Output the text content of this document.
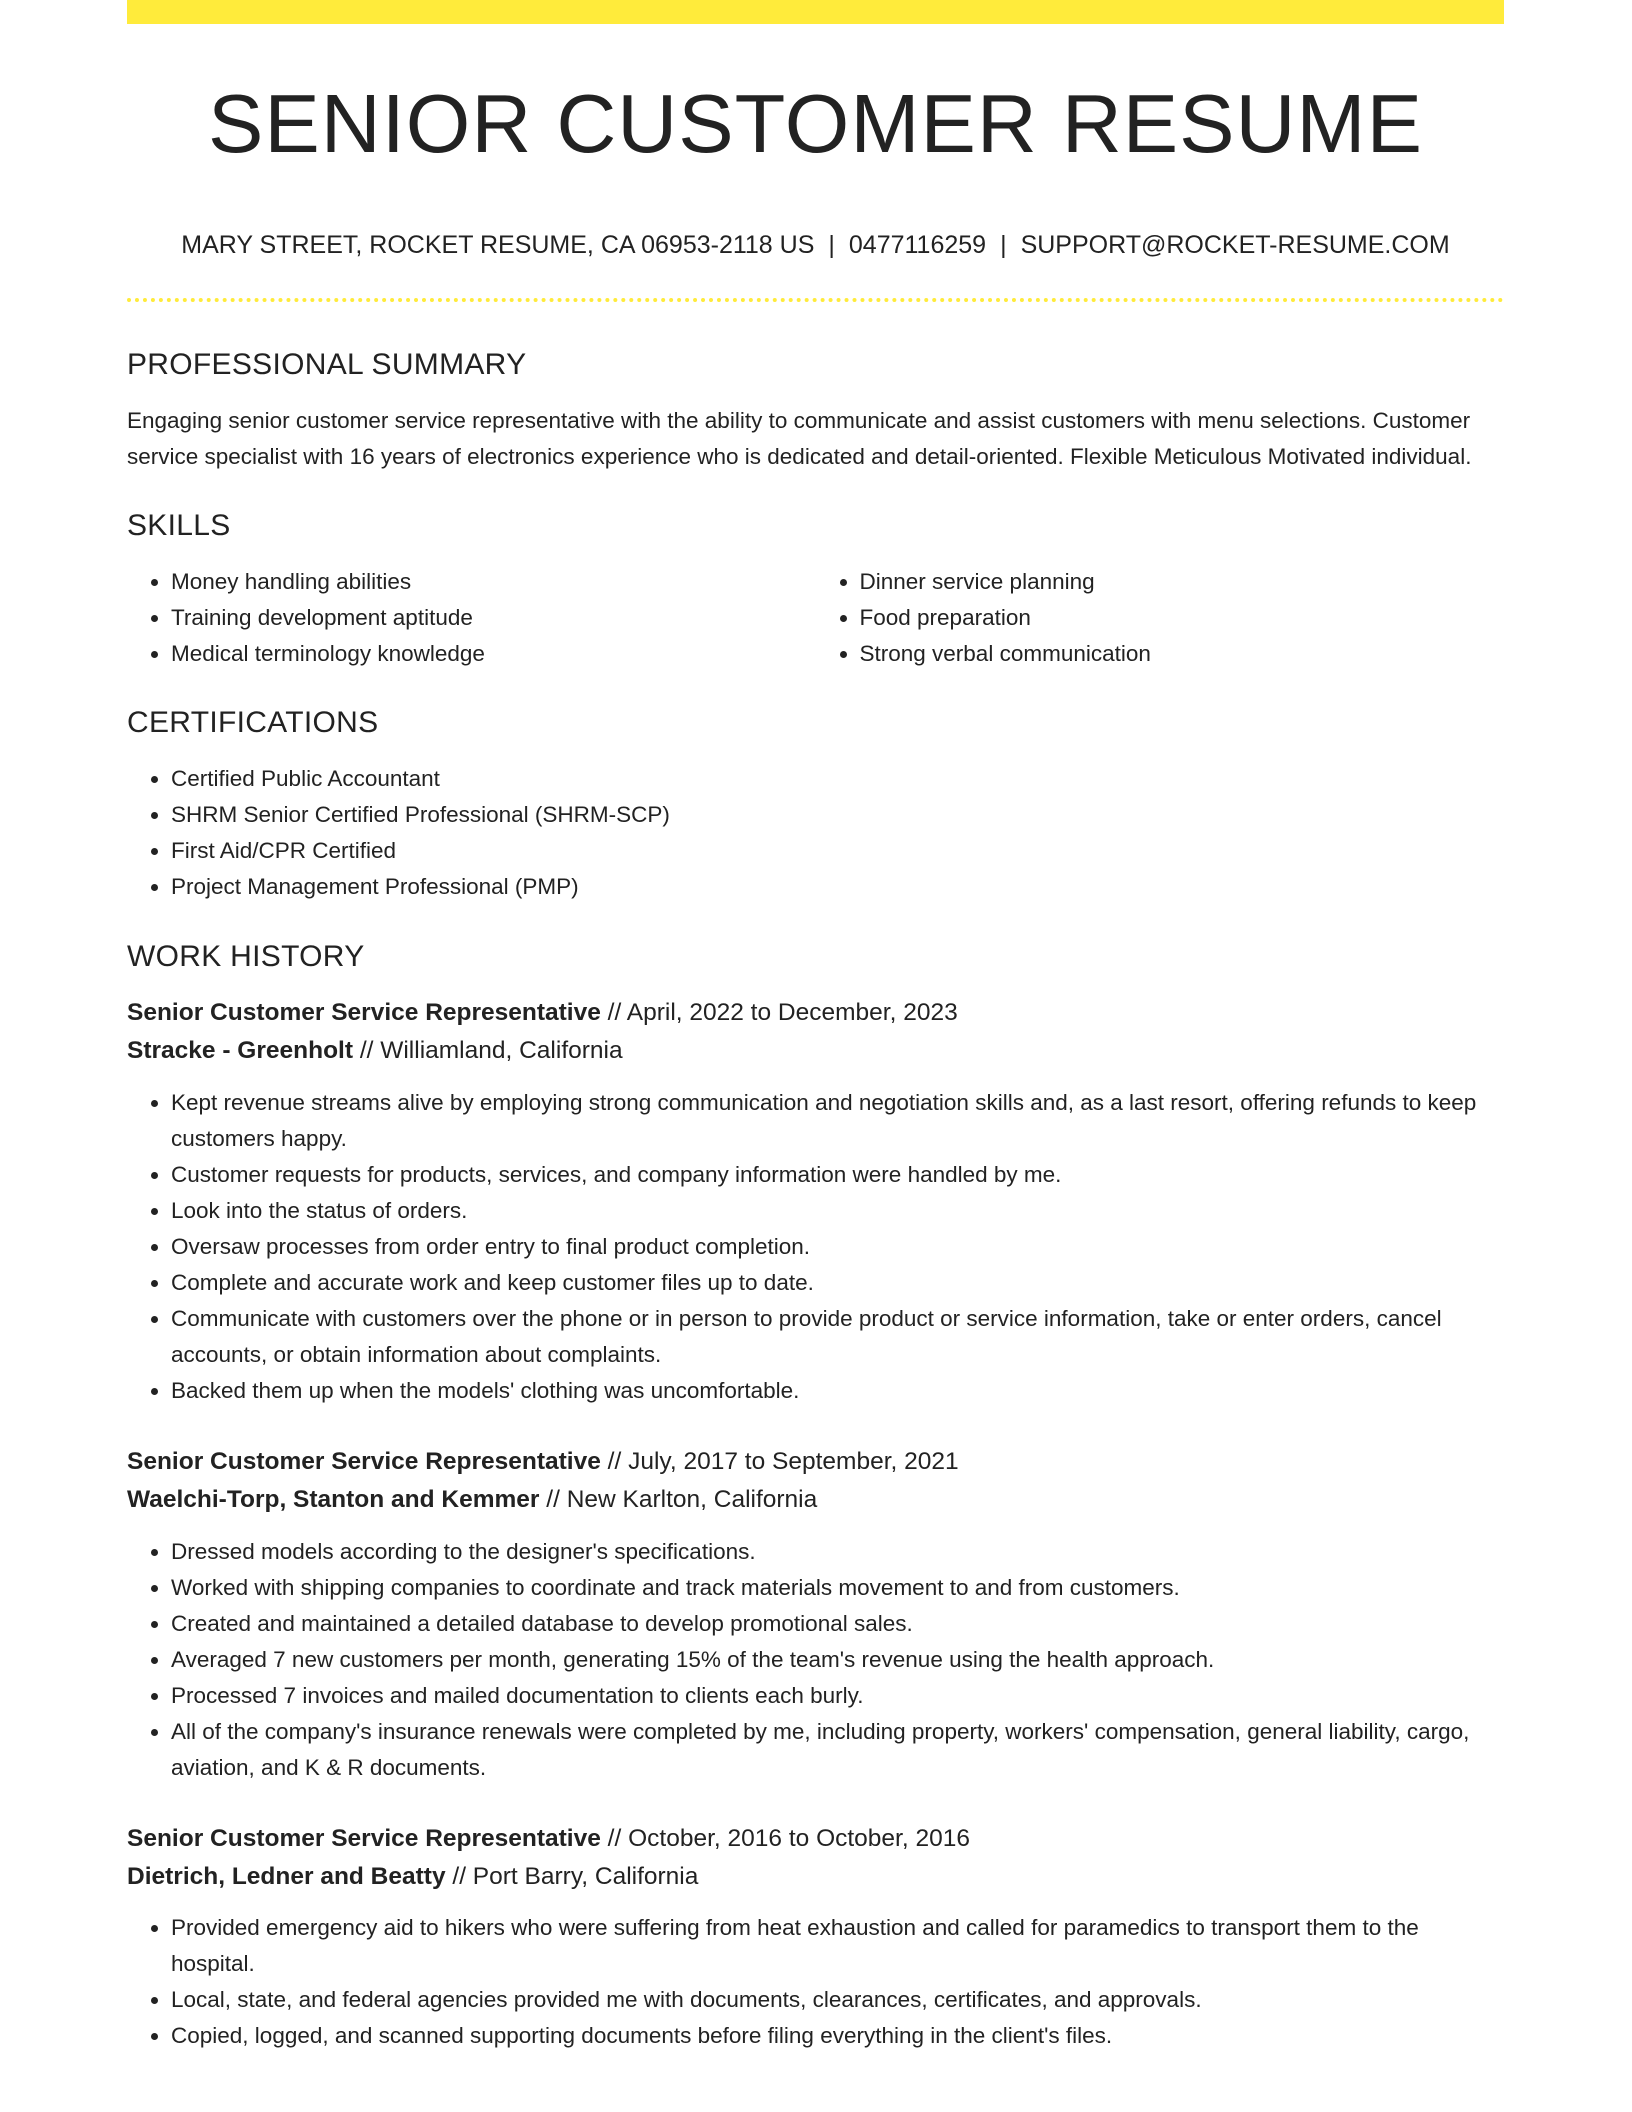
SENIOR CUSTOMER RESUME
MARY STREET, ROCKET RESUME, CA 06953-2118 US | 0477116259 | SUPPORT@ROCKET-RESUME.COM
PROFESSIONAL SUMMARY

Engaging senior customer service representative with the ability to communicate and assist customers with menu selections. Customer service specialist with 16 years of electronics experience who is dedicated and detail-oriented. Flexible Meticulous Motivated individual.

SKILLS
• Money handling abilities
• Training development aptitude
• Medical terminology knowledge
• Dinner service planning
• Food preparation
• Strong verbal communication
CERTIFICATIONS
• Certified Public Accountant
• SHRM Senior Certified Professional (SHRM-SCP)
• First Aid/CPR Certified
• Project Management Professional (PMP)
WORK HISTORY
Senior Customer Service Representative // April, 2022 to December, 2023
Stracke - Greenholt // Williamland, California
• Kept revenue streams alive by employing strong communication and negotiation skills and, as a last resort, offering refunds to keep customers happy.
• Customer requests for products, services, and company information were handled by me.
• Look into the status of orders.
• Oversaw processes from order entry to final product completion.
• Complete and accurate work and keep customer files up to date.
• Communicate with customers over the phone or in person to provide product or service information, take or enter orders, cancel accounts, or obtain information about complaints.
• Backed them up when the models' clothing was uncomfortable.
Senior Customer Service Representative // July, 2017 to September, 2021
Waelchi-Torp, Stanton and Kemmer // New Karlton, California
• Dressed models according to the designer's specifications.
• Worked with shipping companies to coordinate and track materials movement to and from customers.
• Created and maintained a detailed database to develop promotional sales.
• Averaged 7 new customers per month, generating 15% of the team's revenue using the health approach.
• Processed 7 invoices and mailed documentation to clients each burly.
• All of the company's insurance renewals were completed by me, including property, workers' compensation, general liability, cargo, aviation, and K & R documents.
Senior Customer Service Representative // October, 2016 to October, 2016
Dietrich, Ledner and Beatty // Port Barry, California
• Provided emergency aid to hikers who were suffering from heat exhaustion and called for paramedics to transport them to the hospital.
• Local, state, and federal agencies provided me with documents, clearances, certificates, and approvals.
• Copied, logged, and scanned supporting documents before filing everything in the client's files.
